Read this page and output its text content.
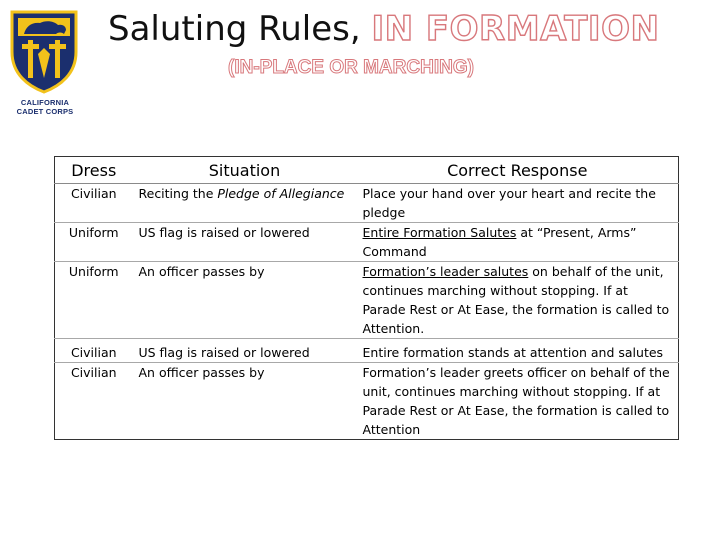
CALIFORNIA
CADET CORPS
Saluting Rules, IN FORMATION
(IN-PLACE OR MARCHING)
Dress	Situation	Correct Response
Civilian	Reciting the Pledge of Allegiance	Place your hand over your heart and recite the pledge
Uniform	US flag is raised or lowered	Entire Formation Salutes at “Present, Arms” Command
Uniform	An officer passes by	Formation’s leader salutes on behalf of the unit, continues marching without stopping. If at Parade Rest or At Ease, the formation is called to Attention.
Civilian	US flag is raised or lowered	Entire formation stands at attention and salutes
Civilian	An officer passes by	Formation’s leader greets officer on behalf of the unit, continues marching without stopping. If at Parade Rest or At Ease, the formation is called to Attention
